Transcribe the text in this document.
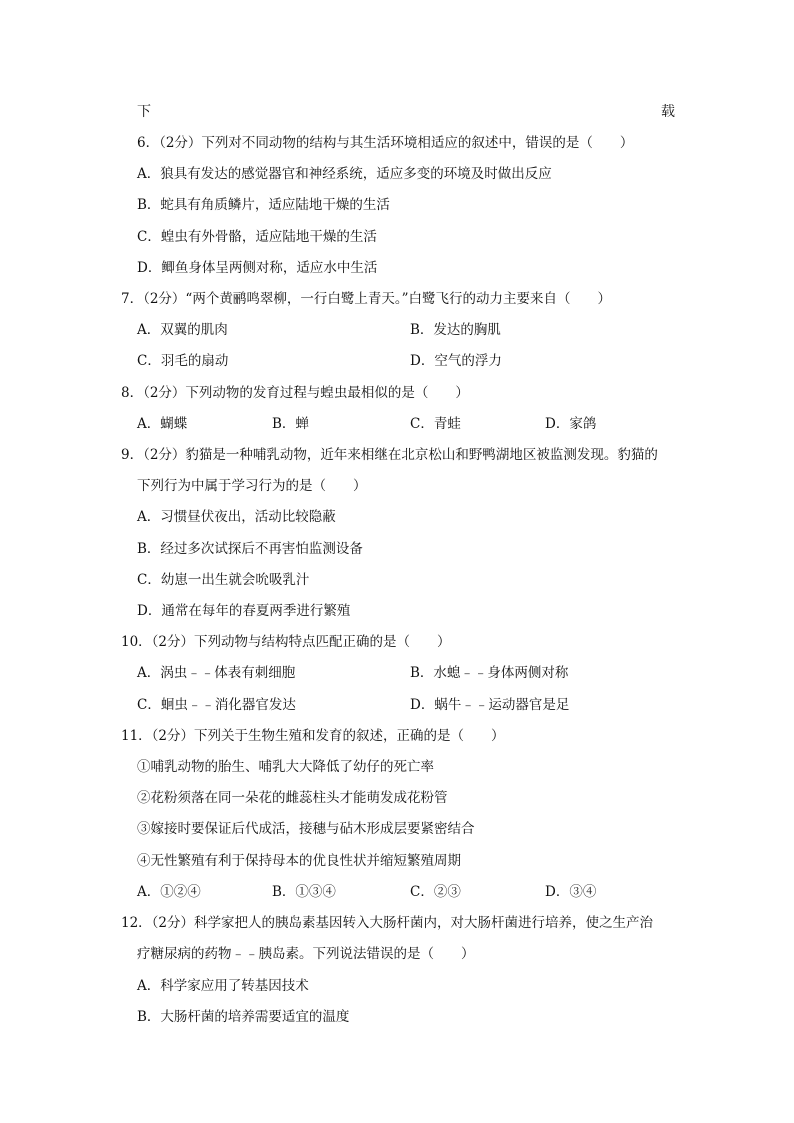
下	载
6．（2分）下列对不同动物的结构与其生活环境相适应的叙述中，错误的是（　　）
A．狼具有发达的感觉器官和神经系统，适应多变的环境及时做出反应
B．蛇具有角质鳞片，适应陆地干燥的生活
C．蝗虫有外骨骼，适应陆地干燥的生活
D．鲫鱼身体呈两侧对称，适应水中生活
7．（2分）“两个黄鹂鸣翠柳，一行白鹭上青天。”白鹭飞行的动力主要来自（　　）
A．双翼的肌肉	B．发达的胸肌
C．羽毛的扇动	D．空气的浮力
8．（2分）下列动物的发育过程与蝗虫最相似的是（　　）
A．蝴蝶	B．蝉	C．青蛙	D．家鸽
9．（2分）豹猫是一种哺乳动物，近年来相继在北京松山和野鸭湖地区被监测发现。豹猫的
下列行为中属于学习行为的是（　　）
A．习惯昼伏夜出，活动比较隐蔽
B．经过多次试探后不再害怕监测设备
C．幼崽一出生就会吮吸乳汁
D．通常在每年的春夏两季进行繁殖
10．（2分）下列动物与结构特点匹配正确的是（　　）
A．涡虫﹣﹣体表有刺细胞	B．水螅﹣﹣身体两侧对称
C．蛔虫﹣﹣消化器官发达	D．蜗牛﹣﹣运动器官是足
11．（2分）下列关于生物生殖和发育的叙述，正确的是（　　）
①哺乳动物的胎生、哺乳大大降低了幼仔的死亡率
②花粉须落在同一朵花的雌蕊柱头才能萌发成花粉管
③嫁接时要保证后代成活，接穗与砧木形成层要紧密结合
④无性繁殖有利于保持母本的优良性状并缩短繁殖周期
A．①②④	B．①③④	C．②③	D．③④
12．（2分）科学家把人的胰岛素基因转入大肠杆菌内，对大肠杆菌进行培养，使之生产治
疗糖尿病的药物﹣﹣胰岛素。下列说法错误的是（　　）
A．科学家应用了转基因技术
B．大肠杆菌的培养需要适宜的温度
